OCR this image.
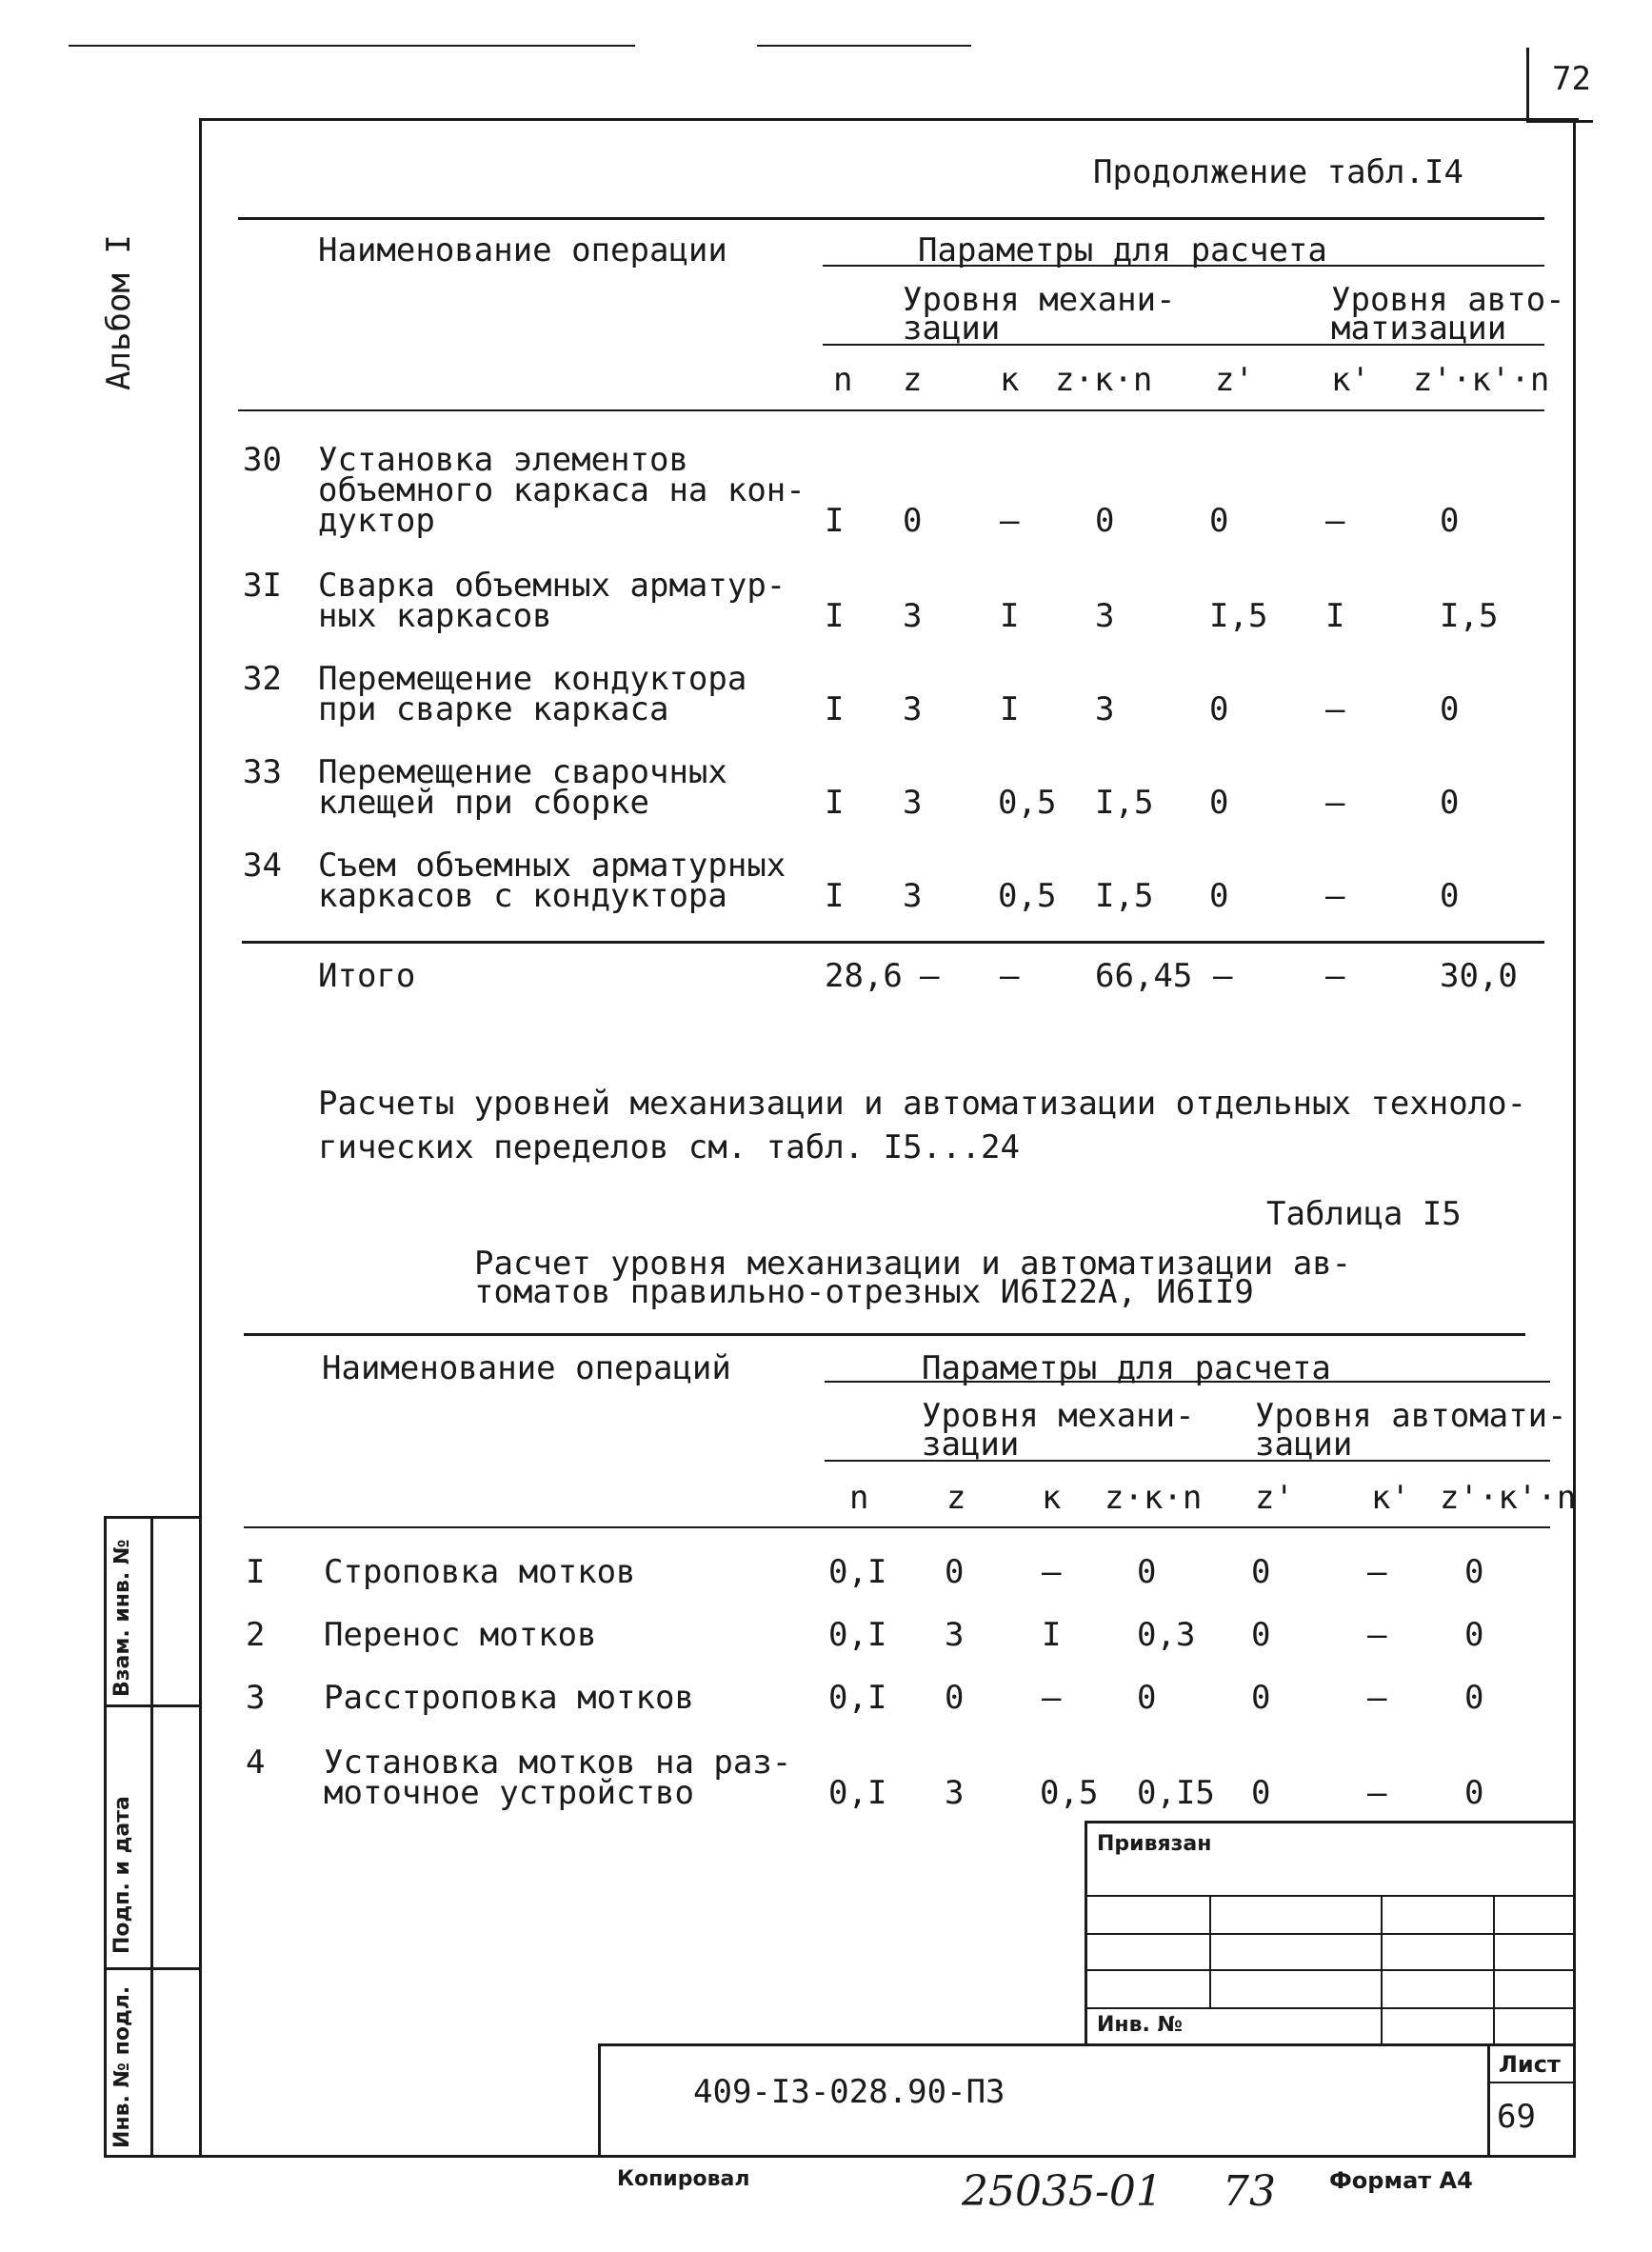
72
Альбом I
Продолжение табл.I4
Наименование операции	Параметры для расчета
Уровня механи-
зации
Уровня авто-
матизации
n z к z·к·n z' к' z'·к'·n
30 Установка элементов
объемного каркаса на кон-
дуктор	I 0 – 0	0	–	0
3I Сварка объемных арматур-
ных каркасов	I 3 I 3	I,5 I	I,5
32 Перемещение кондуктора
при сварке каркаса	I 3 I 3	0	–	0
33 Перемещение сварочных
клещей при сборке	I 3 0,5 I,5 0	–	0
34 Съем объемных арматурных
каркасов с кондуктора	I 3 0,5 I,5 0	–	0
Итого	28,6 – – 66,45 –	–	30,0
Расчеты уровней механизации и автоматизации отдельных техноло-
гических переделов см. табл. I5...24
Таблица I5
Расчет уровня механизации и автоматизации ав-
томатов правильно-отрезных И6I22А, И6II9
Наименование операций	Параметры для расчета
Уровня механи-
зации
Уровня автомати-
зации
n z к z·к·n z' к' z'·к'·n
I Строповка мотков	0,I 0 – 0	0	– 0
2 Перенос мотков	0,I 3 I 0,3 0	– 0
3 Расстроповка мотков	0,I 0 – 0	0	– 0
4 Установка мотков на раз-
моточное устройство	0,I 3 0,5 0,I5 0	– 0
Взам. инв. №
Подп. и дата
Инв. № подл.
Привязан
Инв. №
409-I3-028.90-ПЗ
Лист
69
Копировал	25035-01 73 Формат А4
